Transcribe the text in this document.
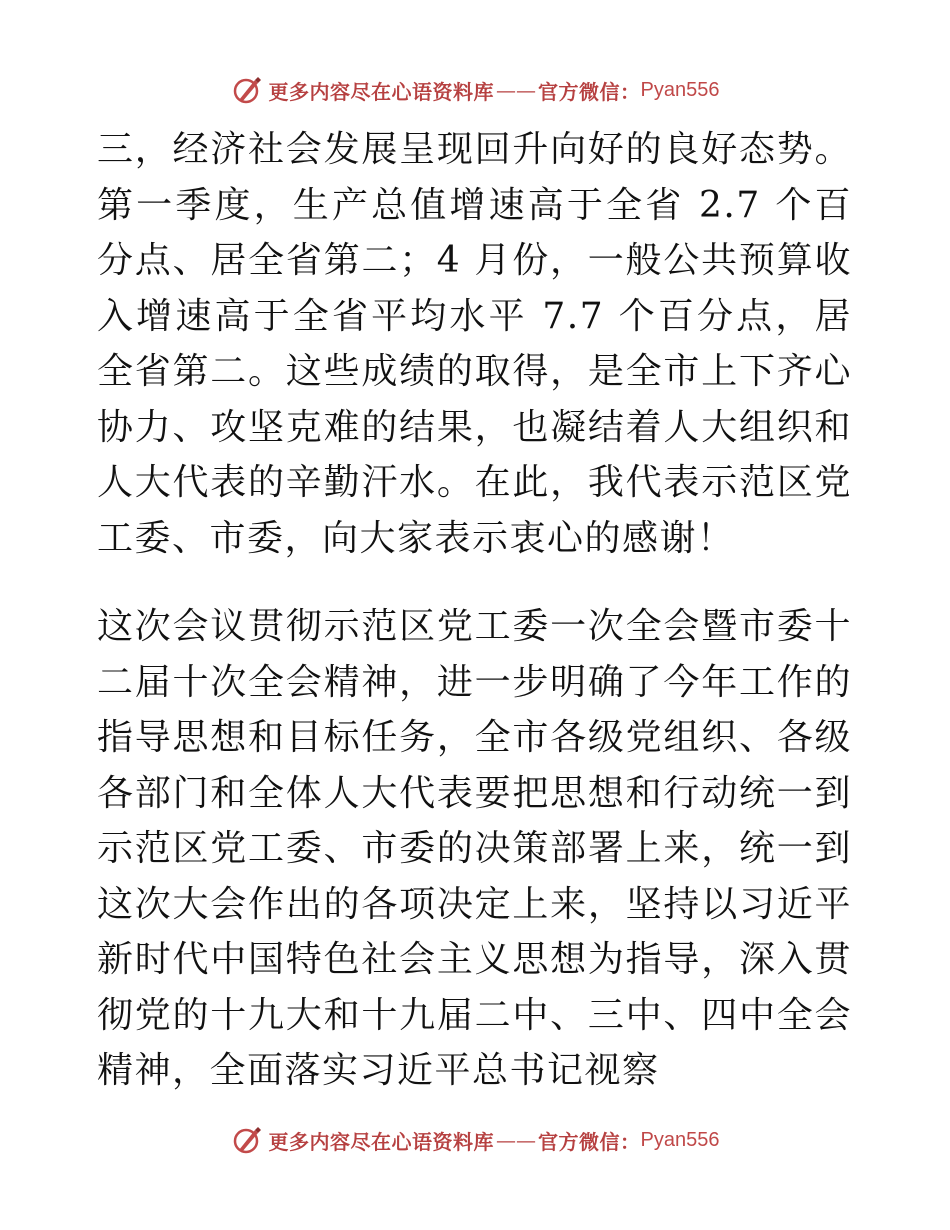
更多内容尽在心语资料库 —— 官方微信： Pyan556

三，经济社会发展呈现回升向好的良好态势。第一季度，生产总值增速高于全省 2.7 个百分点、居全省第二；4 月份，一般公共预算收入增速高于全省平均水平 7.7 个百分点，居全省第二。这些成绩的取得，是全市上下齐心协力、攻坚克难的结果，也凝结着人大组织和人大代表的辛勤汗水。在此，我代表示范区党工委、市委，向大家表示衷心的感谢！

这次会议贯彻示范区党工委一次全会暨市委十二届十次全会精神，进一步明确了今年工作的指导思想和目标任务，全市各级党组织、各级各部门和全体人大代表要把思想和行动统一到示范区党工委、市委的决策部署上来，统一到这次大会作出的各项决定上来，坚持以习近平新时代中国特色社会主义思想为指导，深入贯彻党的十九大和十九届二中、三中、四中全会精神，全面落实习近平总书记视察

更多内容尽在心语资料库 —— 官方微信： Pyan556
